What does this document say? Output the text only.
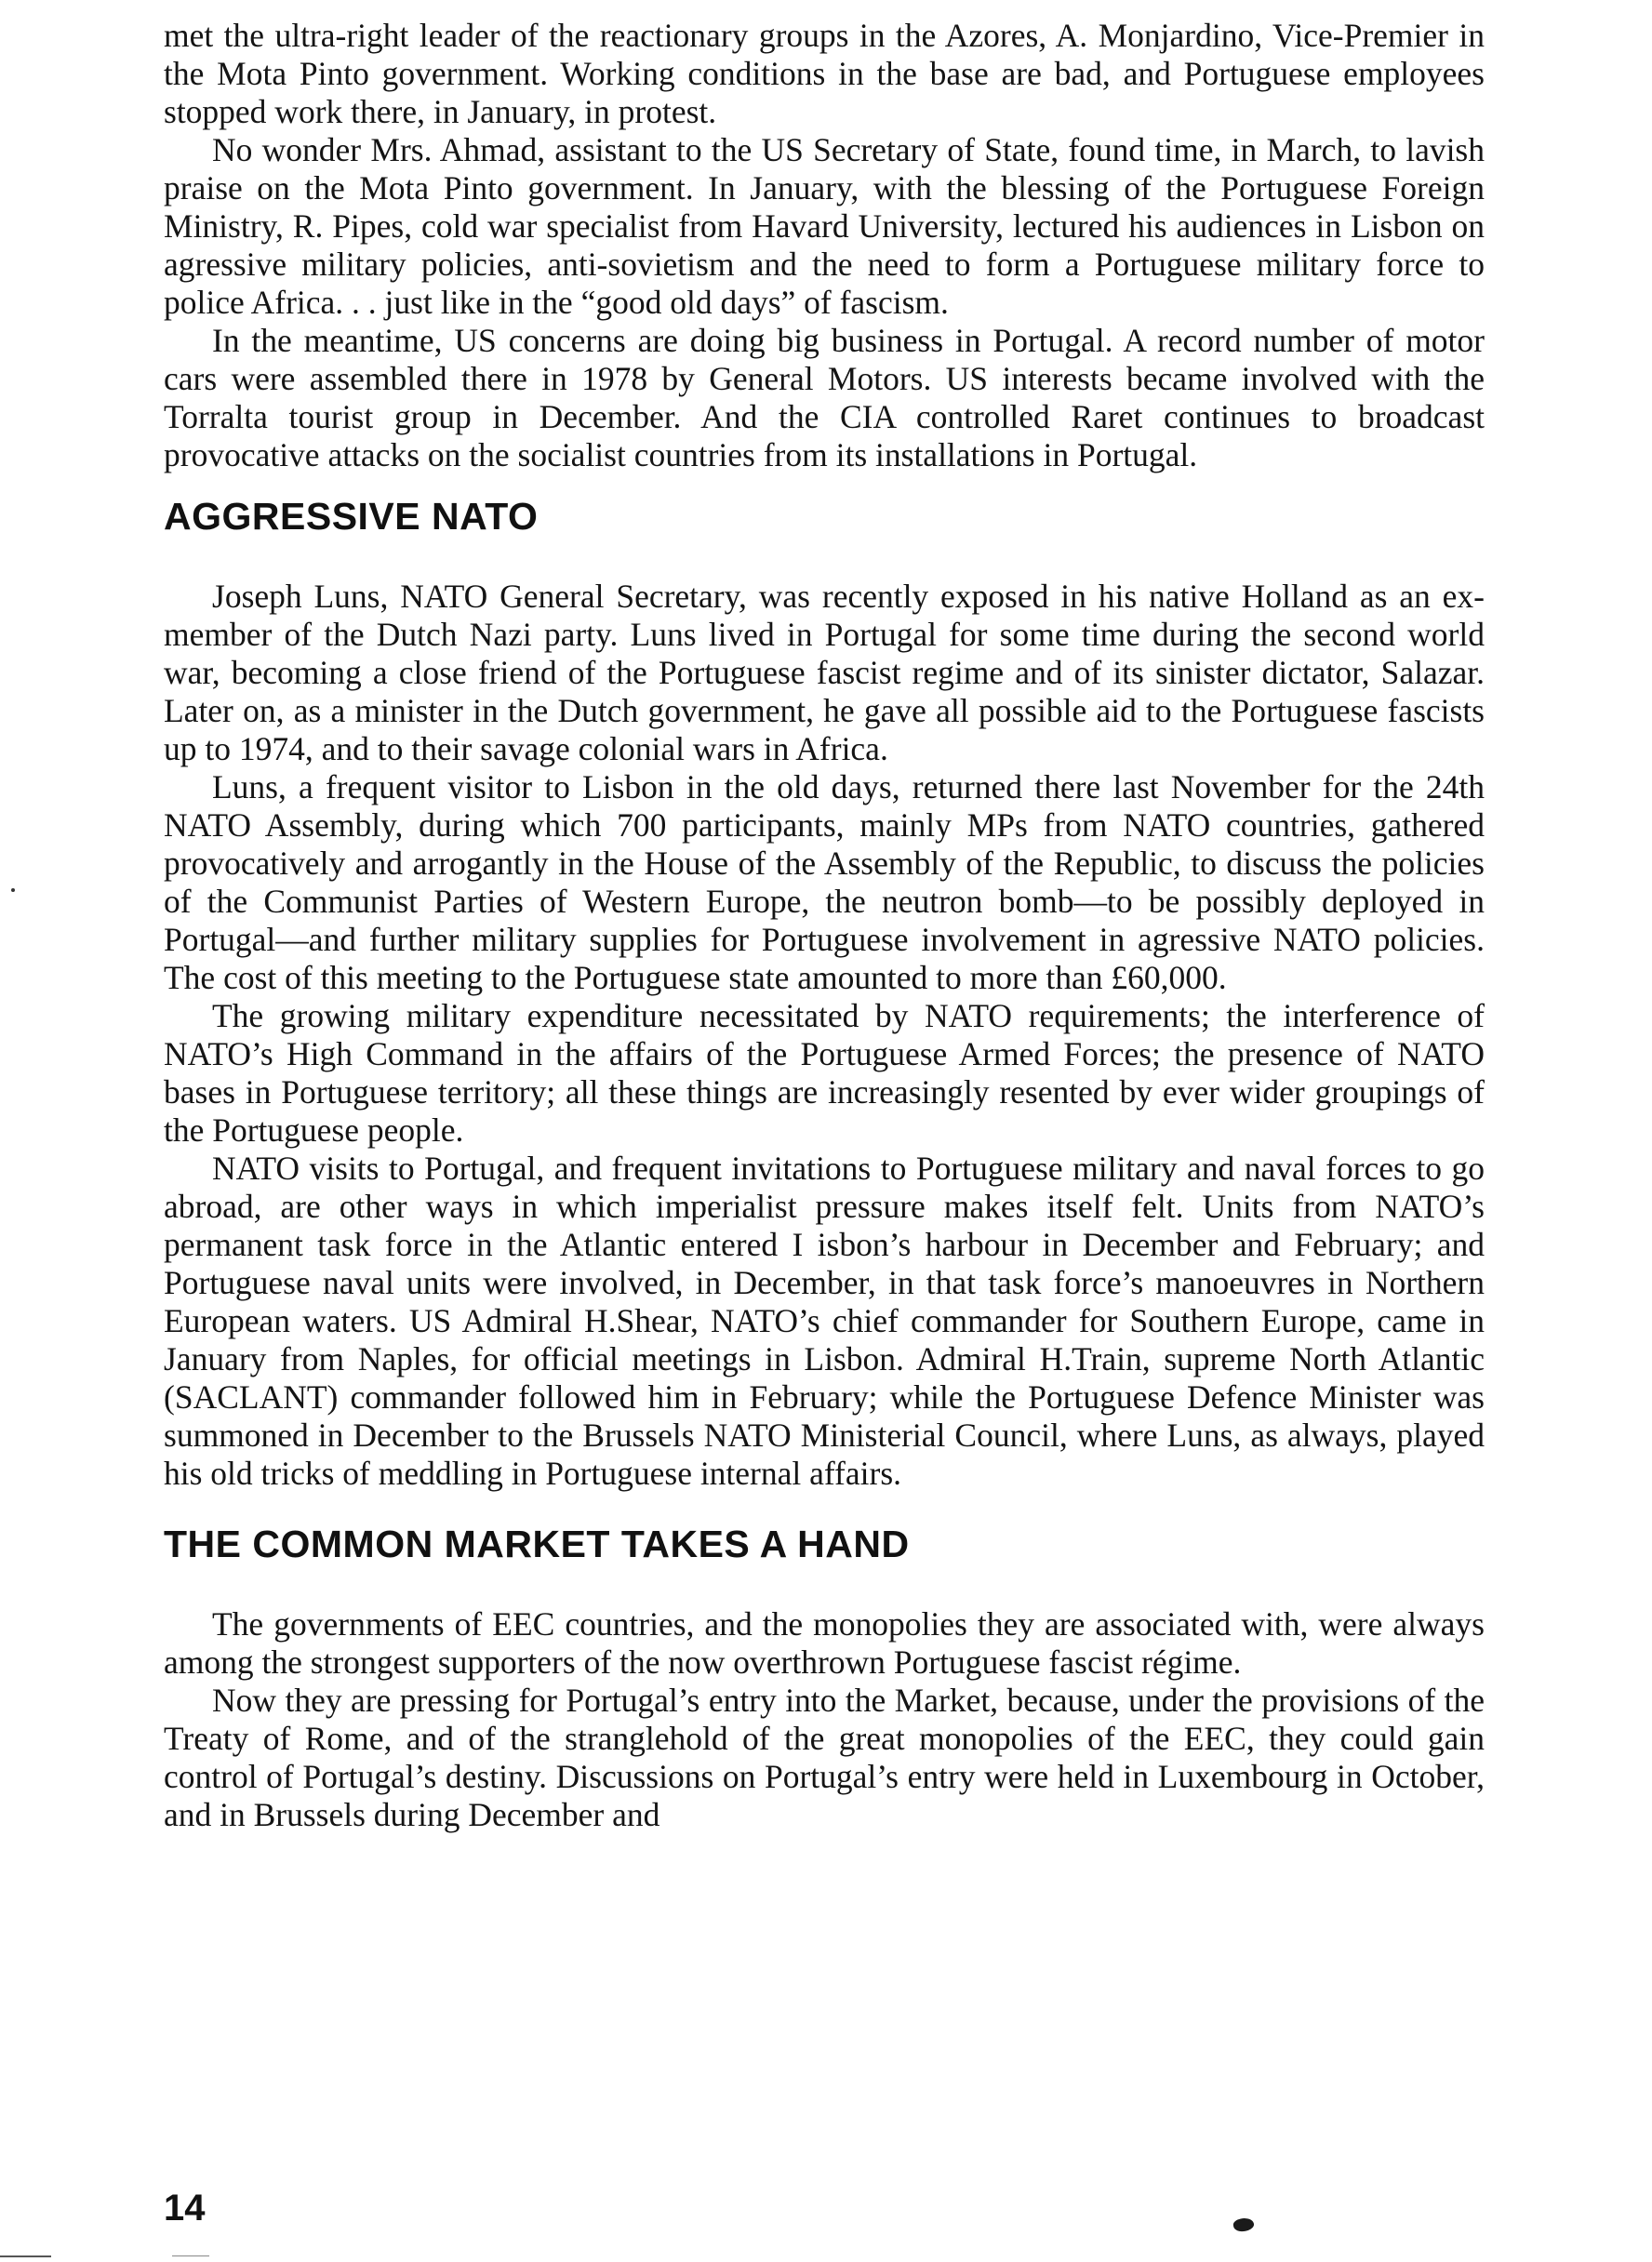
met the ultra-right leader of the reactionary groups in the Azores, A. Monjardino, Vice-Premier in the Mota Pinto government. Working conditions in the base are bad, and Portuguese employees stopped work there, in January, in protest.

No wonder Mrs. Ahmad, assistant to the US Secretary of State, found time, in March, to lavish praise on the Mota Pinto government. In January, with the blessing of the Portuguese Foreign Ministry, R. Pipes, cold war specialist from Havard University, lectured his audiences in Lisbon on agressive military policies, anti-sovietism and the need to form a Portuguese military force to police Africa. . . just like in the “good old days” of fascism.

In the meantime, US concerns are doing big business in Portugal. A record number of motor cars were assembled there in 1978 by General Motors. US interests became involved with the Torralta tourist group in December. And the CIA controlled Raret continues to broadcast provocative attacks on the socialist countries from its installations in Portugal.

AGGRESSIVE NATO

Joseph Luns, NATO General Secretary, was recently exposed in his native Holland as an ex-member of the Dutch Nazi party. Luns lived in Portugal for some time during the second world war, becoming a close friend of the Portuguese fascist regime and of its sinister dictator, Salazar. Later on, as a minister in the Dutch government, he gave all possible aid to the Portuguese fascists up to 1974, and to their savage colonial wars in Africa.

Luns, a frequent visitor to Lisbon in the old days, returned there last November for the 24th NATO Assembly, during which 700 participants, mainly MPs from NATO countries, gathered provocatively and arrogantly in the House of the Assembly of the Republic, to discuss the policies of the Communist Parties of Western Europe, the neutron bomb—to be possibly deployed in Portugal—and further military supplies for Portuguese involvement in agressive NATO policies. The cost of this meeting to the Portuguese state amounted to more than £60,000.

The growing military expenditure necessitated by NATO requirements; the interference of NATO’s High Command in the affairs of the Portuguese Armed Forces; the presence of NATO bases in Portuguese territory; all these things are increasingly resented by ever wider groupings of the Portuguese people.

NATO visits to Portugal, and frequent invitations to Portuguese military and naval forces to go abroad, are other ways in which imperialist pressure makes itself felt. Units from NATO’s permanent task force in the Atlantic entered I isbon’s harbour in December and February; and Portuguese naval units were involved, in December, in that task force’s manoeuvres in Northern European waters. US Admiral H.Shear, NATO’s chief commander for Southern Europe, came in January from Naples, for official meetings in Lisbon. Admiral H.Train, supreme North Atlantic (SACLANT) commander followed him in February; while the Portuguese Defence Minister was summoned in December to the Brussels NATO Ministerial Council, where Luns, as always, played his old tricks of meddling in Portuguese internal affairs.

THE COMMON MARKET TAKES A HAND

The governments of EEC countries, and the monopolies they are associated with, were always among the strongest supporters of the now overthrown Portuguese fascist régime.

Now they are pressing for Portugal’s entry into the Market, because, under the provisions of the Treaty of Rome, and of the stranglehold of the great monopolies of the EEC, they could gain control of Portugal’s destiny. Discussions on Portugal’s entry were held in Luxembourg in October, and in Brussels during December and

14
